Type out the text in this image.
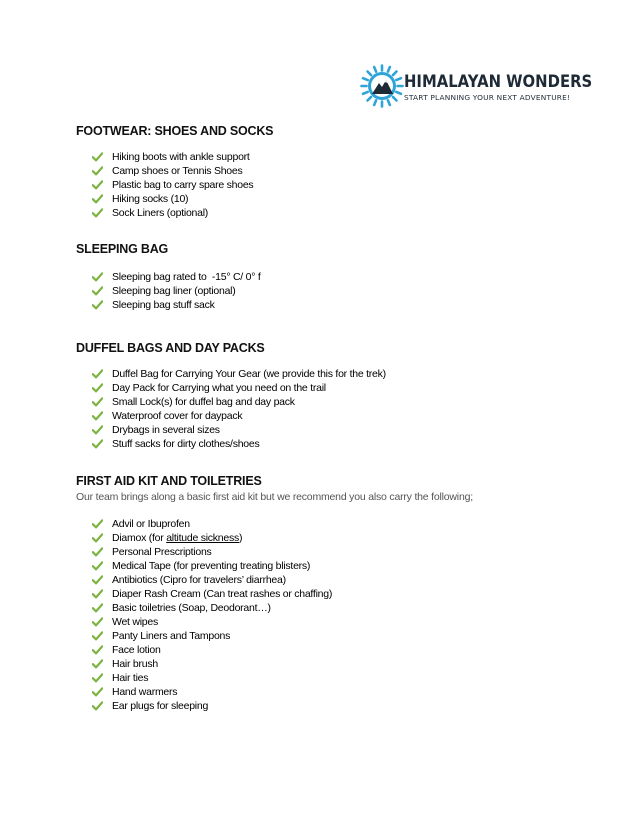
HIMALAYAN WONDERS
START PLANNING YOUR NEXT ADVENTURE!
FOOTWEAR: SHOES AND SOCKS
Hiking boots with ankle support
Camp shoes or Tennis Shoes
Plastic bag to carry spare shoes
Hiking socks (10)
Sock Liners (optional)
SLEEPING BAG
Sleeping bag rated to  -15° C/ 0° f
Sleeping bag liner (optional)
Sleeping bag stuff sack
DUFFEL BAGS AND DAY PACKS
Duffel Bag for Carrying Your Gear (we provide this for the trek)
Day Pack for Carrying what you need on the trail
Small Lock(s) for duffel bag and day pack
Waterproof cover for daypack
Drybags in several sizes
Stuff sacks for dirty clothes/shoes
FIRST AID KIT AND TOILETRIES
Our team brings along a basic first aid kit but we recommend you also carry the following;
Advil or Ibuprofen
Diamox (for altitude sickness)
Personal Prescriptions
Medical Tape (for preventing treating blisters)
Antibiotics (Cipro for travelers’ diarrhea)
Diaper Rash Cream (Can treat rashes or chaffing)
Basic toiletries (Soap, Deodorant…)
Wet wipes
Panty Liners and Tampons
Face lotion
Hair brush
Hair ties
Hand warmers
Ear plugs for sleeping
